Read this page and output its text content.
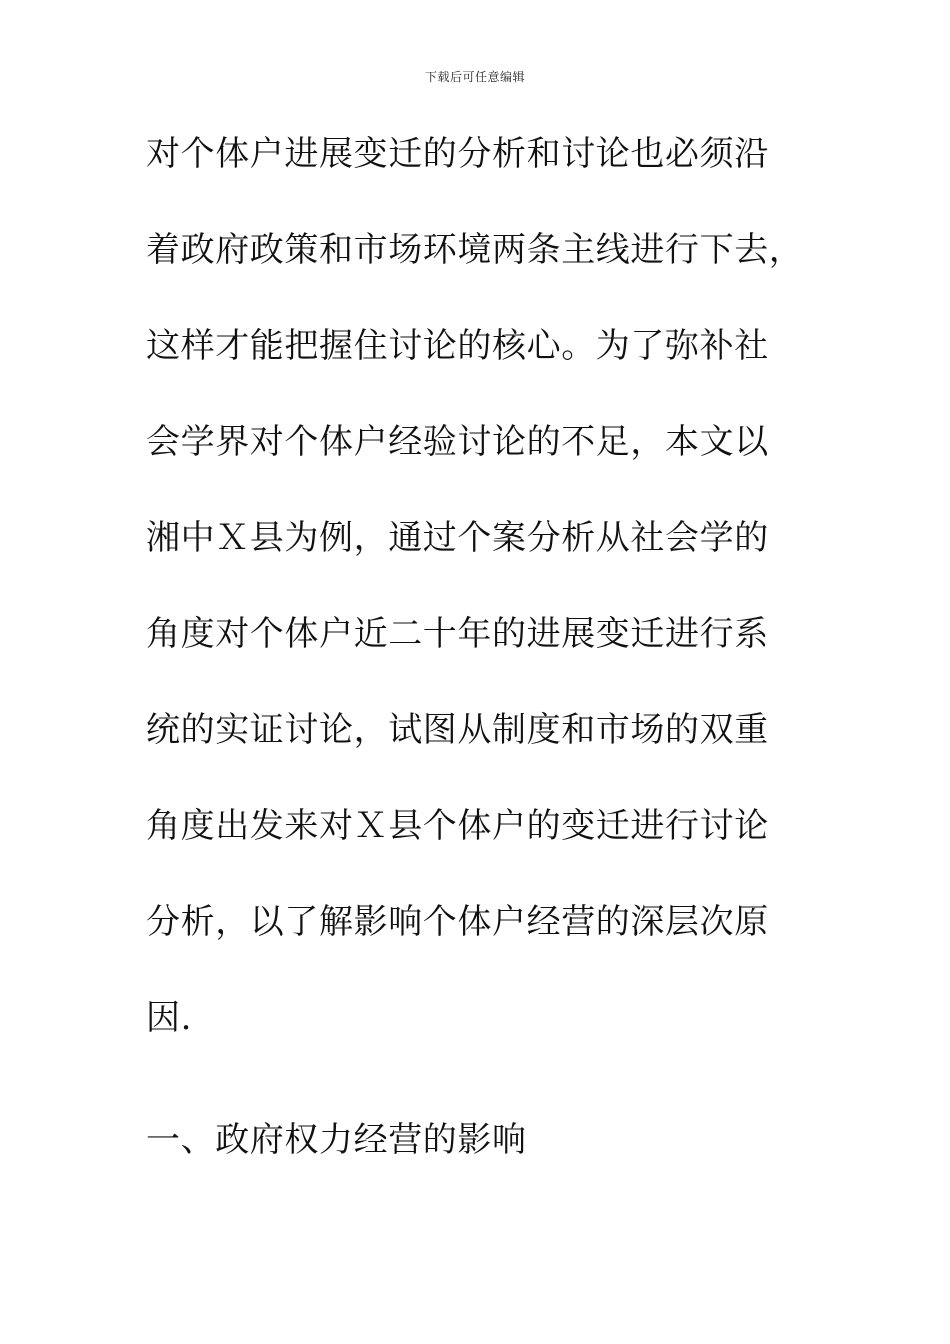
下载后可任意编辑
对个体户进展变迁的分析和讨论也必须沿
着政府政策和市场环境两条主线进行下去，
这样才能把握住讨论的核心。为了弥补社
会学界对个体户经验讨论的不足，本文以
湘中Ｘ县为例，通过个案分析从社会学的
角度对个体户近二十年的进展变迁进行系
统的实证讨论，试图从制度和市场的双重
角度出发来对Ｘ县个体户的变迁进行讨论
分析，以了解影响个体户经营的深层次原
因.
一、政府权力经营的影响
